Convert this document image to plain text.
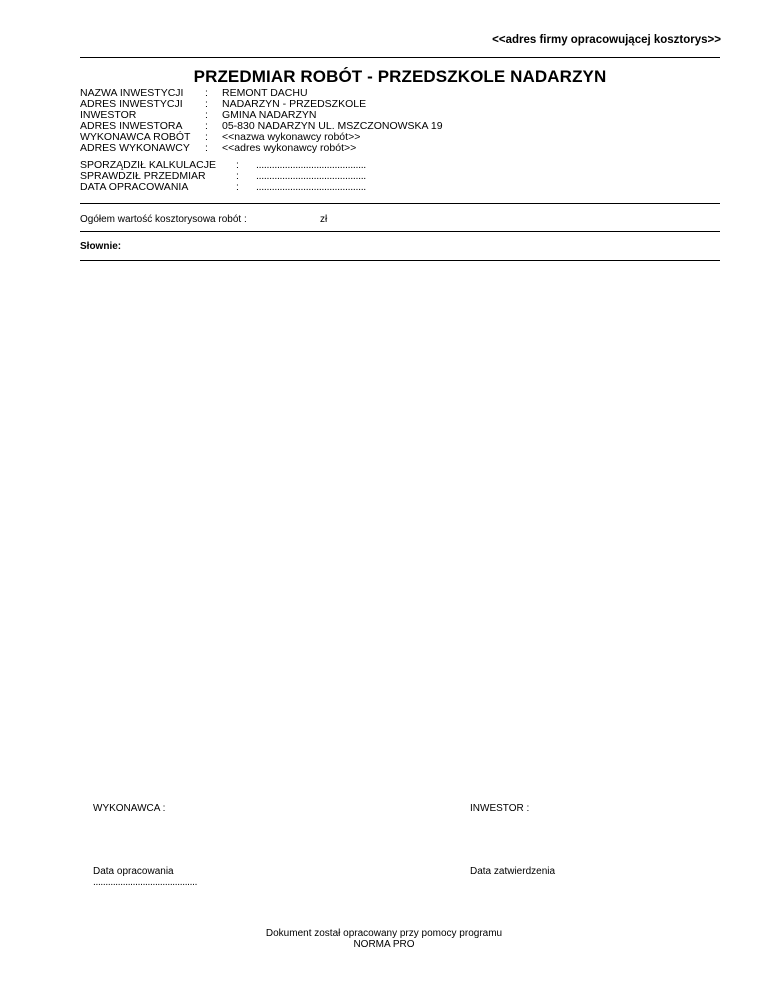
<<adres firmy opracowującej kosztorys>>
PRZEDMIAR ROBÓT - PRZEDSZKOLE NADARZYN
NAZWA INWESTYCJI	:	REMONT DACHU
ADRES INWESTYCJI	:	NADARZYN - PRZEDSZKOLE
INWESTOR	:	GMINA NADARZYN
ADRES INWESTORA	:	05-830 NADARZYN UL. MSZCZONOWSKA 19
WYKONAWCA ROBÓT	:	<<nazwa wykonawcy robót>>
ADRES WYKONAWCY	:	<<adres wykonawcy robót>>
SPORZĄDZIŁ KALKULACJE	:	..........................................
SPRAWDZIŁ PRZEDMIAR	:	..........................................
DATA OPRACOWANIA	:	..........................................
Ogółem wartość kosztorysowa robót :	zł
Słownie:
WYKONAWCA :	INWESTOR :
Data opracowania
..........................................
Data zatwierdzenia
Dokument został opracowany przy pomocy programu
NORMA PRO
